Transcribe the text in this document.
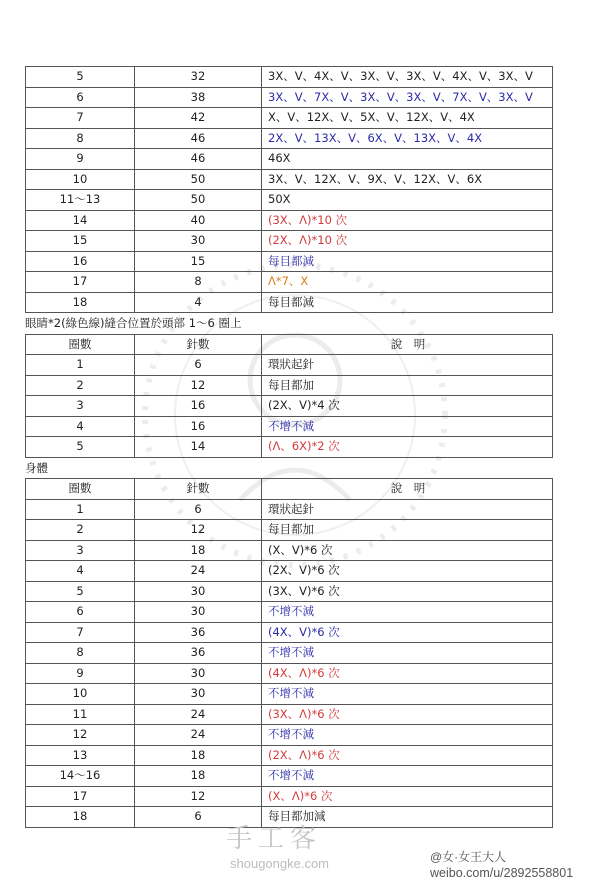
5	32	3X、V、4X、V、3X、V、3X、V、4X、V、3X、V
6	38	3X、V、7X、V、3X、V、3X、V、7X、V、3X、V
7	42	X、V、12X、V、5X、V、12X、V、4X
8	46	2X、V、13X、V、6X、V、13X、V、4X
9	46	46X
10	50	3X、V、12X、V、9X、V、12X、V、6X
11～13	50	50X
14	40	(3X、Λ)*10 次
15	30	(2X、Λ)*10 次
16	15	每目都減
17	8	Λ*7、X
18	4	每目都減
眼睛*2(綠色線)縫合位置於頭部 1～6 圈上
圈數	針數	說　明
1	6	環狀起針
2	12	每目都加
3	16	(2X、V)*4 次
4	16	不增不減
5	14	(Λ、6X)*2 次
身體
圈數	針數	說　明
1	6	環狀起針
2	12	每目都加
3	18	(X、V)*6 次
4	24	(2X、V)*6 次
5	30	(3X、V)*6 次
6	30	不增不減
7	36	(4X、V)*6 次
8	36	不增不減
9	30	(4X、Λ)*6 次
10	30	不增不減
11	24	(3X、Λ)*6 次
12	24	不增不減
13	18	(2X、Λ)*6 次
14～16	18	不增不減
17	12	(X、Λ)*6 次
18	6	每目都加減
手工客
shougongke.com	@女·女王大人
weibo.com/u/2892558801
